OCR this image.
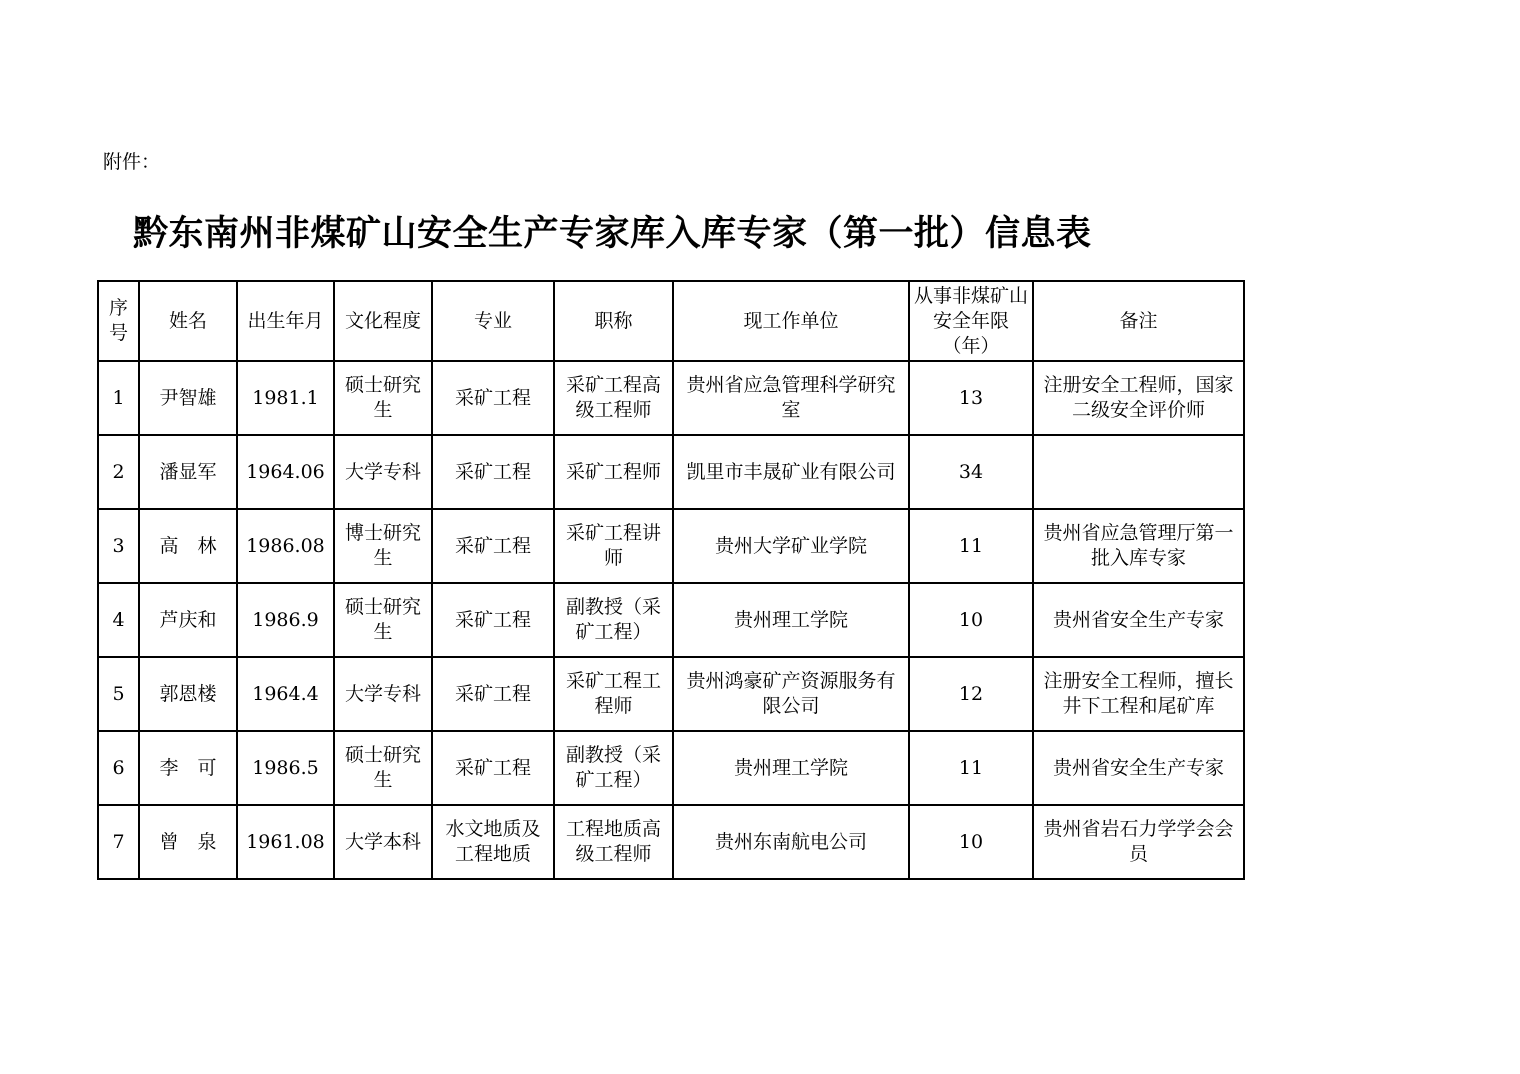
附件：
黔东南州非煤矿山安全生产专家库入库专家（第一批）信息表
序号	姓名	出生年月	文化程度	专业	职称	现工作单位	从事非煤矿山安全年限（年）	备注
1	尹智雄	1981.1	硕士研究生	采矿工程	采矿工程高级工程师	贵州省应急管理科学研究室	13	注册安全工程师，国家二级安全评价师
2	潘显军	1964.06	大学专科	采矿工程	采矿工程师	凯里市丰晟矿业有限公司	34	
3	高　林	1986.08	博士研究生	采矿工程	采矿工程讲师	贵州大学矿业学院	11	贵州省应急管理厅第一批入库专家
4	芦庆和	1986.9	硕士研究生	采矿工程	副教授（采矿工程）	贵州理工学院	10	贵州省安全生产专家
5	郭恩楼	1964.4	大学专科	采矿工程	采矿工程工程师	贵州鸿豪矿产资源服务有限公司	12	注册安全工程师，擅长井下工程和尾矿库
6	李　可	1986.5	硕士研究生	采矿工程	副教授（采矿工程）	贵州理工学院	11	贵州省安全生产专家
7	曾　泉	1961.08	大学本科	水文地质及工程地质	工程地质高级工程师	贵州东南航电公司	10	贵州省岩石力学学会会员
